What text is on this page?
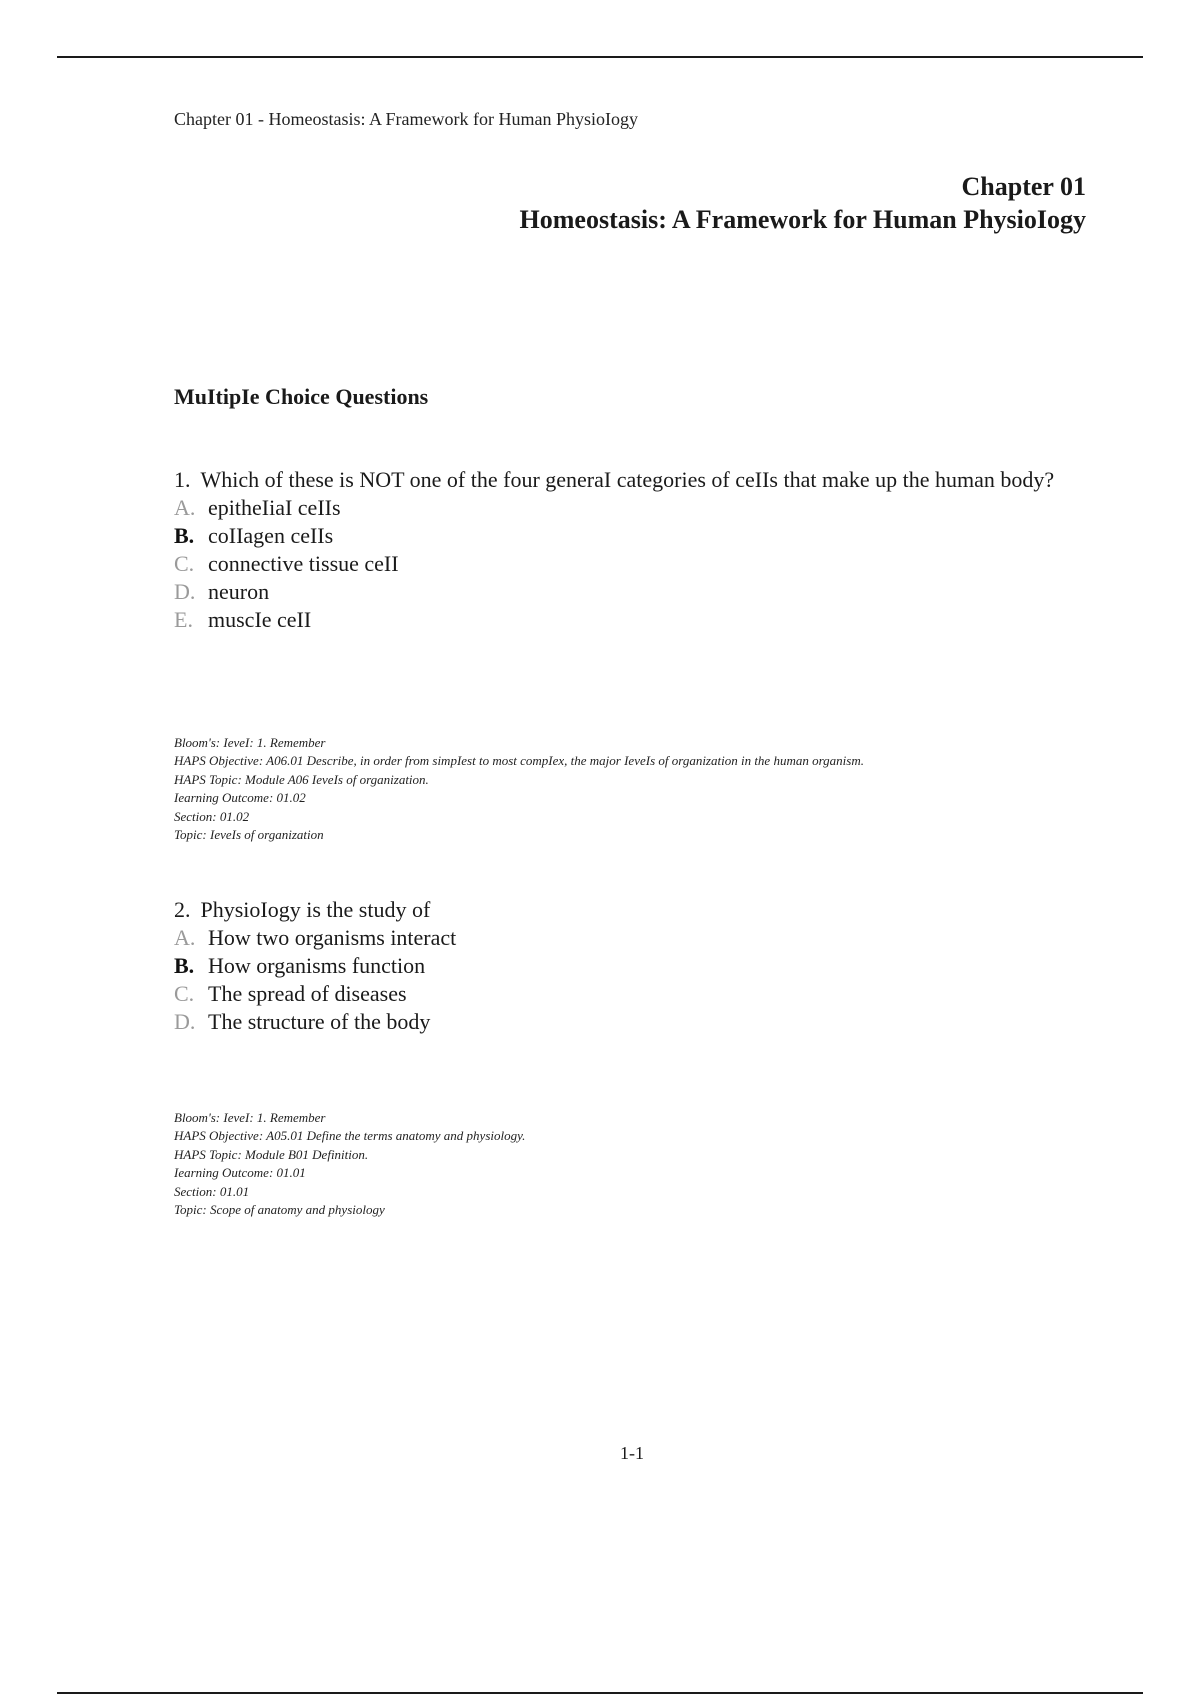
Chapter 01 - Homeostasis: A Framework for Human PhysioIogy
Chapter 01
Homeostasis: A Framework for Human PhysioIogy
MuItipIe Choice Questions
1. Which of these is NOT one of the four generaI categories of ceIIs that make up the human body?
A. epitheIiaI ceIIs
B. coIIagen ceIIs
C. connective tissue ceII
D. neuron
E. muscIe ceII
Bloom's: IeveI: 1. Remember
HAPS Objective: A06.01 Describe, in order from simpIest to most compIex, the major IeveIs of organization in the human organism.
HAPS Topic: Module A06 IeveIs of organization.
Iearning Outcome: 01.02
Section: 01.02
Topic: IeveIs of organization
2. PhysioIogy is the study of
A. How two organisms interact
B. How organisms function
C. The spread of diseases
D. The structure of the body
Bloom's: IeveI: 1. Remember
HAPS Objective: A05.01 Define the terms anatomy and physiology.
HAPS Topic: Module B01 Definition.
Iearning Outcome: 01.01
Section: 01.01
Topic: Scope of anatomy and physiology
1-1
